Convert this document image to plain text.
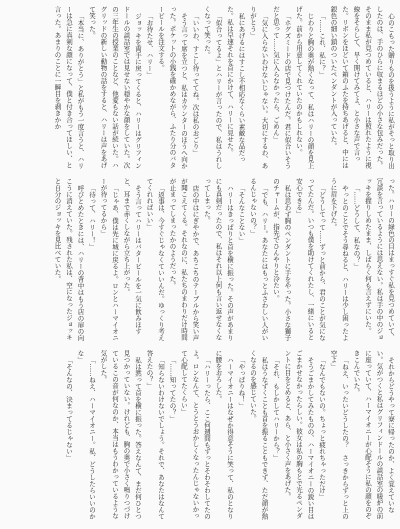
心のこもった贈りものを扱うように私がそっと取り出したのは、手のひらに収まるほどの小さな包みだった。そのまま私が見つめていると、ハリーは照れたように視線をそらして、早く開けてみてよ、と小さな声で言った。リボンをほどいて箱のふたを持ちあげると、中には銀色の細い鎖のついたペンダントが入っていた。

「……これ、私に？」

じわりと胸の奥が熱くなって、私はハリーの顔を見上げた。前から用意してくれていたのかもしれない。

「ホグズミードの店で見つけたんだ。君に似合いそうだと思って……気に入らなかったら、ごめん」

「気に入らないわけないじゃない。大切にするわ、ありがとう」

私にあげるにはすこし不相応なくらい素敵な品だった。私は早速それを首にかけて、ハリーに見せた。

「似合ってるよ」とハリーが言ったので、私はうれしくなって笑った。

「いいわ、すこし待っててね。次は私のおごり」

そう言って席を立つと、私はカウンターのほうへ向かった。ポケットの小銭を確かめながら、ふたり分のバタービールを注文する。

「お待たせ、ハリー」

ジョッキを両手に戻ってくると、ハリーはグリフィンドールの談話室では見せない穏やかな顔をしていた。次の三年生の授業のことなど、他愛もない話が続いた。ハグリッドの新しい動物の話をすると、ハリーは声をあげて笑った。

「本当に、ありがとう」と私がもう一度言うと、ハリーは急に真剣な顔になって、僕と付き合ってほしい、と言った。あまりのことに一瞬目を剥きかか

った。ハリーの緑色の目はまっすぐ私を見つめていて、冗談を言っているようには思えない。私は手の中のジョッキを握りしめたまま、しばらく何も言えずにいた。

「……どうして、私なの？」

やっとのことでそう尋ねると、ハリーは少し困ったように眉を下げた。

「どうしてって……ずっと前から、君のことが気になってたんだ。いつも僕を助けてくれたし、一緒にいると安心できる」

私は思わず胸のペンダントに手をやった。小さな獅子のチャームが、指先でひんやりと冷たい。

「でも、ハリー。あなたにはもっとふさわしい人がいるんじゃないの？」

「そんなことない」

ハリーはきっぱりと首を横に振った。その声があまりにも真剣だったので、私はそれ以上何も言い返せなくなってしまった。

店の中はにぎやかで、あちこちのテーブルから笑い声が聞こえてくる。それなのに、私たちのまわりだけ時間が止まってしまったかのようだった。

「返事は、今すぐじゃなくていいんだ。ゆっくり考えてくれればいい」

そう言ってハリーはバタービールを一気に飲みほすと、耳まで赤くしながら立ち上がった。

「じゃあ、僕は先に城に戻るよ。ロンとハーマイオニーが待ってるから」

「待って、ハリー！」

呼びとめたときには、ハリーの背中はもう店の扉の向こうに消えていた。残された私は、空になったジョッキと自分のジョッキを見比べていた。

それからどうやって寮に帰ったのか、よく覚えていない。気がつくと私はグリフィンドールの談話室の暖炉の前に座っていて、ハーマイオニーが心配そうに私の顔をのぞきこんでいた。

「ねえ、いったいどうしたの？　さっきからずっと上の空よ」

「なんでもないの。ちょっと疲れちゃっただけ」

そうごまかしてみたものの、ハーマイオニーの鋭い目はごまかせなかったらしい。彼女は私の胸もとで光るペンダントに目をとめると、あら、と小さく声をあげた。

「それ、もしかしてハリーから？」

私はうなずくことも首を振ることもできず、ただ顔が熱くなるのを感じていた。

「やっぱりね！」

ハーマイオニーはなぜか得意そうに笑って、私のとなりに腰をおろした。

「ハリーったら、ここ何週間もずっとそわそわしてたのよ。ロンなんて、とうとうおかしくなったんじゃないかって心配してたくらい」

「……知ってたの？」

「知らないわけないでしょう。それで、あなたはなんて答えたの？」

私は黙って首を横に振った。答えなんて、まだ何ひとつ見つかっていない。けれども、胸の奥で小さく鳴りつづけているこの音が何なのか、本当はもうわかっているような気がした。

「……ねえ、ハーマイオニー。私、どうしたらいいのかな」

「そんなの、決まってるじゃない」
